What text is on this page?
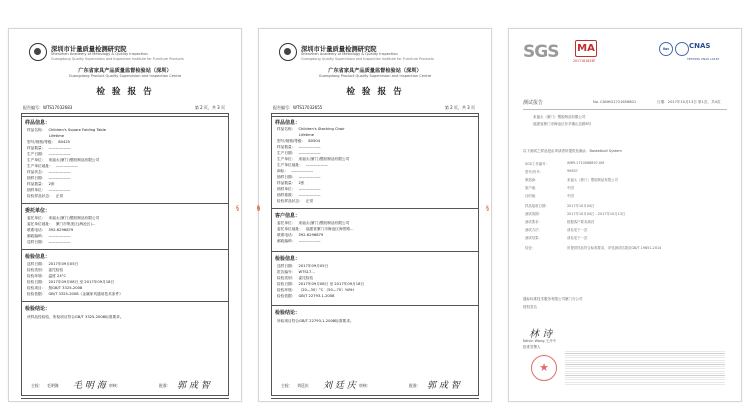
深圳市计量质量检测研究院
Shenzhen Academy of Metrology & Quality Inspection
Guangdong Quality Supervision and Inspection Institute for Furniture Products
广东省家具产品质量监督检验站（深圳）
Guangdong Product Quality Supervision and Inspection Centre
检 验 报 告
报告编号：WTS17032683	第 2 页，共 3 页
样品信息：
样品名称： Children's Square Folding Table
Lifetime
型号/规格/等级： 80425
样品数量： ——————
生产日期： ——————
生产单位： 来福太(厦门)塑胶制品有限公司
生产单位地址： ——————
样品状态： ——————
抽样日期： ——————
样品数量： 2套
抽样单位： ——————
检验样品状态： 正常
委托单位：
委托单位： 来福太(厦门)塑胶制品有限公司
委托单位地址： 厦门市集美区(海沧区)...
联系电话： 592-6296879
邮政编码： ——————
送样日期： ——————
检验信息：
送样日期： 2017年09月05日
检验类别： 委托检验
检验环境： 温度 24°C
检验日期： 2017年09月08日 至 2017年09月18日
检验项目： 按GB/T 3325-2008
检验依据： GB/T 3325-2008《金属家具通用技术条件》
检验结论：
该样品经检验，所检项目符合GB/T 3325-2008标准要求。
主检： 毛明海 毛 明 海 审核：	批准： 郭 成 智
§
深圳市计量质量检测研究院
Shenzhen Academy of Metrology & Quality Inspection
Guangdong Quality Supervision and Inspection Institute for Furniture Products
广东省家具产品质量监督检验站（深圳）
Guangdong Product Quality Supervision and Inspection Centre
检 验 报 告
报告编号：WTS17032655	第 2 页，共 3 页
样品信息：
样品名称： Children's Stacking Chair
Lifetime
型号/规格/等级： 80504
样品数量： ——————
生产日期： ——————
生产单位： 来福太(厦门)塑胶制品有限公司
生产单位地址： ——————
商标： ——————
抽样日期： ——————
样品数量： 2张
抽样单位： ——————
抽样基数： ——————
检验样品状态： 正常
客户信息：
委托单位： 来福太(厦门)塑胶制品有限公司
委托单位地址： 福建省厦门市海沧区海景路...
联系电话： 592-6296879
邮政编码： ——————
检验信息：
送样日期： 2017年09月05日
报告编号： WTS17...
检验类别： 委托检验
检验日期： 2017年09月08日 至 2017年09月18日
检验环境： （20—30）°C （50—70）%RH
检验依据： GB/T 22793.1-2008
检验结论：
所检项目符合GB/T 22793.1-2008标准要求。
主检： 刘廷庆 刘 廷 庆 审核：	批准： 郭 成 智
§	§
SGS	MA
2017181833E
ilac	CNAS
TESTING CNAS L0167
测试报告	No. CANHG1721656801	日期：2017年10月13日 第1页，共4页
来福太（厦门）塑胶制品有限公司
福建省厦门市海沧区东孚镇山边路8号
以下测试之样品是由申请者所提供及确认：Basketball System
SGS工作编号：	XMPL1710068897-XM
型号/货号：	90637
制造商：	来福太（厦门）塑胶制品有限公司
原产地：	中国
目的地：	中国
样品接收日期：	2017年10月04日
测试周期：	2017年10月04日 - 2017年10月13日
测试要求：	根据客户要求测试
测试方法：	请参见下一页
测试结果：	请参见下一页
结论：	所提供样品符合标准要求，详见测试结果页GB/T 19851-2014
通标标准技术服务有限公司厦门分公司
授权签名
林 诗
Kelvin Wang 王开中
批准签署人
★
